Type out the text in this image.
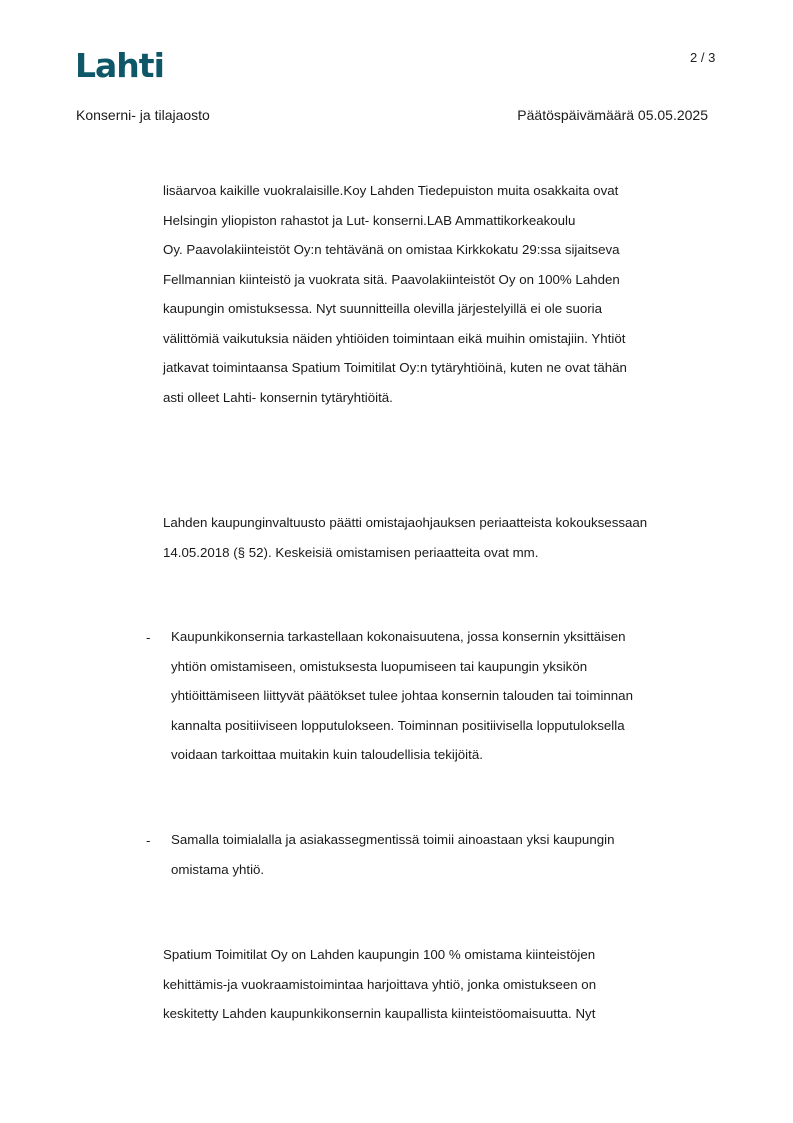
Lahti	2 / 3
Konserni- ja tilajaosto	Päätöspäivämäärä 05.05.2025
lisäarvoa kaikille vuokralaisille.Koy Lahden Tiedepuiston muita osakkaita ovat
Helsingin yliopiston rahastot ja Lut- konserni.LAB Ammattikorkeakoulu
Oy. Paavolakiinteistöt Oy:n tehtävänä on omistaa Kirkkokatu 29:ssa sijaitseva
Fellmannian kiinteistö ja vuokrata sitä. Paavolakiinteistöt Oy on 100% Lahden
kaupungin omistuksessa. Nyt suunnitteilla olevilla järjestelyillä ei ole suoria
välittömiä vaikutuksia näiden yhtiöiden toimintaan eikä muihin omistajiin. Yhtiöt
jatkavat toimintaansa Spatium Toimitilat Oy:n tytäryhtiöinä, kuten ne ovat tähän
asti olleet Lahti- konsernin tytäryhtiöitä.
Lahden kaupunginvaltuusto päätti omistajaohjauksen periaatteista kokouksessaan
14.05.2018 (§ 52). Keskeisiä omistamisen periaatteita ovat mm.
- Kaupunkikonsernia tarkastellaan kokonaisuutena, jossa konsernin yksittäisen
yhtiön omistamiseen, omistuksesta luopumiseen tai kaupungin yksikön
yhtiöittämiseen liittyvät päätökset tulee johtaa konsernin talouden tai toiminnan
kannalta positiiviseen lopputulokseen. Toiminnan positiivisella lopputuloksella
voidaan tarkoittaa muitakin kuin taloudellisia tekijöitä.
- Samalla toimialalla ja asiakassegmentissä toimii ainoastaan yksi kaupungin
omistama yhtiö.
Spatium Toimitilat Oy on Lahden kaupungin 100 % omistama kiinteistöjen
kehittämis-ja vuokraamistoimintaa harjoittava yhtiö, jonka omistukseen on
keskitetty Lahden kaupunkikonsernin kaupallista kiinteistöomaisuutta. Nyt
